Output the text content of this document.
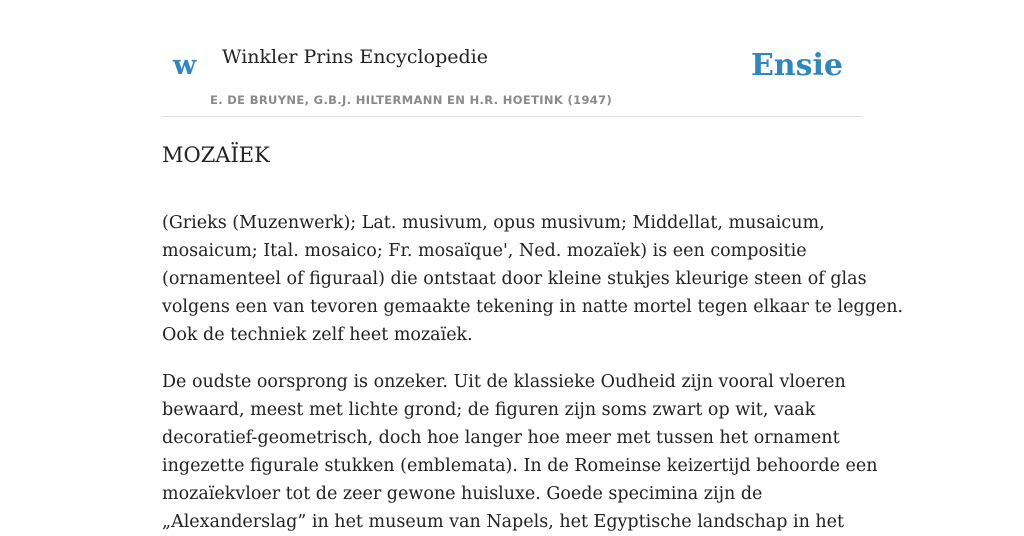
w Winkler Prins Encyclopedie
E. DE BRUYNE, G.B.J. HILTERMANN EN H.R. HOETINK (1947)
Ensie
MOZAÏEK

(Grieks (Muzenwerk); Lat. musivum, opus musivum; Middellat, musaicum,
mosaicum; Ital. mosaico; Fr. mosaïque', Ned. mozaïek) is een compositie
(ornamenteel of figuraal) die ontstaat door kleine stukjes kleurige steen of glas
volgens een van tevoren gemaakte tekening in natte mortel tegen elkaar te leggen.
Ook de techniek zelf heet mozaïek.

De oudste oorsprong is onzeker. Uit de klassieke Oudheid zijn vooral vloeren
bewaard, meest met lichte grond; de figuren zijn soms zwart op wit, vaak
decoratief-geometrisch, doch hoe langer hoe meer met tussen het ornament
ingezette figurale stukken (emblemata). In de Romeinse keizertijd behoorde een
mozaïekvloer tot de zeer gewone huisluxe. Goede specimina zijn de
„Alexanderslag” in het museum van Napels, het Egyptische landschap in het
